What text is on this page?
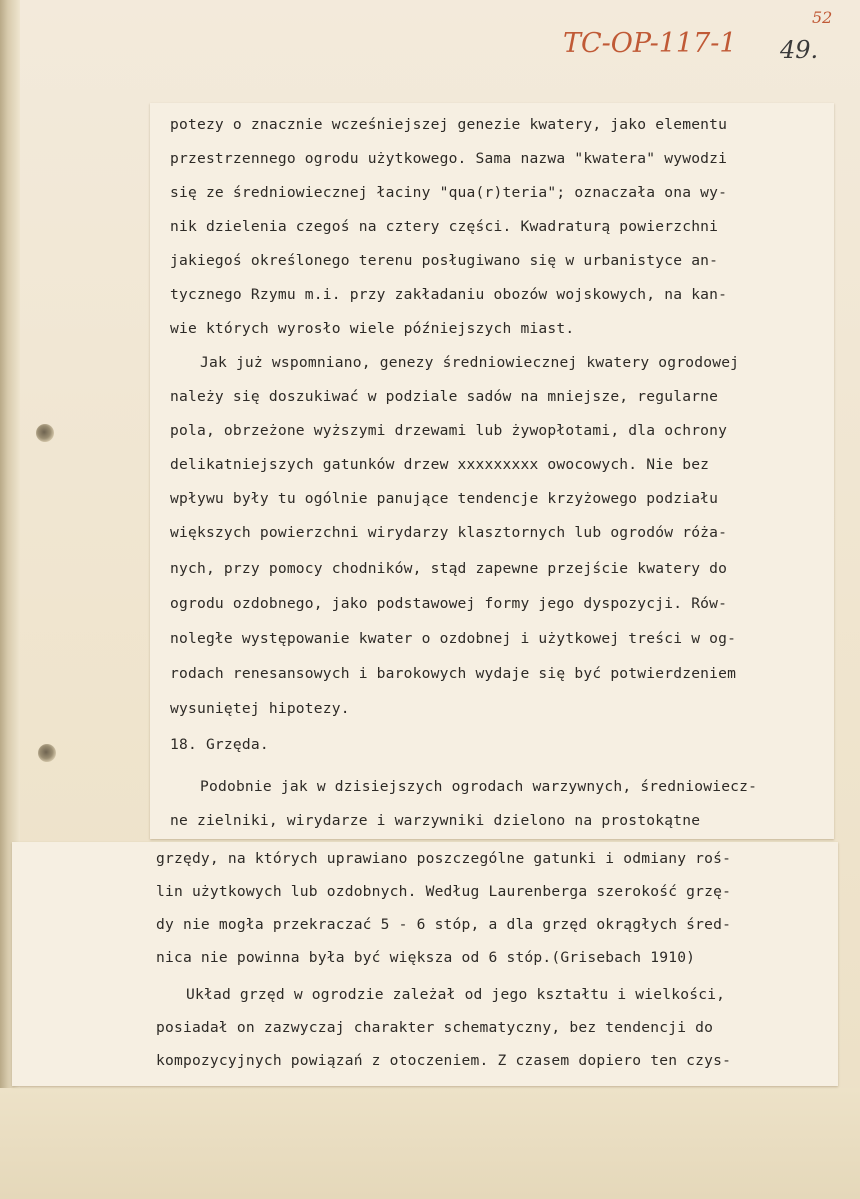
52
TC-OP-117-1 49.
potezy o znacznie wcześniejszej genezie kwatery, jako elementu
przestrzennego ogrodu użytkowego. Sama nazwa "kwatera" wywodzi
się ze średniowiecznej łaciny "qua(r)teria"; oznaczała ona wy-
nik dzielenia czegoś na cztery części. Kwadraturą powierzchni
jakiegoś określonego terenu posługiwano się w urbanistyce an-
tycznego Rzymu m.i. przy zakładaniu obozów wojskowych, na kan-
wie których wyrosło wiele późniejszych miast.
Jak już wspomniano, genezy średniowiecznej kwatery ogrodowej
należy się doszukiwać w podziale sadów na mniejsze, regularne
pola, obrzeżone wyższymi drzewami lub żywopłotami, dla ochrony
delikatniejszych gatunków drzew xxxxxxxxx owocowych. Nie bez
wpływu były tu ogólnie panujące tendencje krzyżowego podziału
większych powierzchni wirydarzy klasztornych lub ogrodów róża-
nych, przy pomocy chodników, stąd zapewne przejście kwatery do
ogrodu ozdobnego, jako podstawowej formy jego dyspozycji. Rów-
noległe występowanie kwater o ozdobnej i użytkowej treści w og-
rodach renesansowych i barokowych wydaje się być potwierdzeniem
wysuniętej hipotezy.
18. Grzęda.
Podobnie jak w dzisiejszych ogrodach warzywnych, średniowiecz-
ne zielniki, wirydarze i warzywniki dzielono na prostokątne
grzędy, na których uprawiano poszczególne gatunki i odmiany roś-
lin użytkowych lub ozdobnych. Według Laurenberga szerokość grzę-
dy nie mogła przekraczać 5 - 6 stóp, a dla grzęd okrągłych śred-
nica nie powinna była być większa od 6 stóp.(Grisebach 1910)
Układ grzęd w ogrodzie zależał od jego kształtu i wielkości,
posiadał on zazwyczaj charakter schematyczny, bez tendencji do
kompozycyjnych powiązań z otoczeniem. Z czasem dopiero ten czys-
